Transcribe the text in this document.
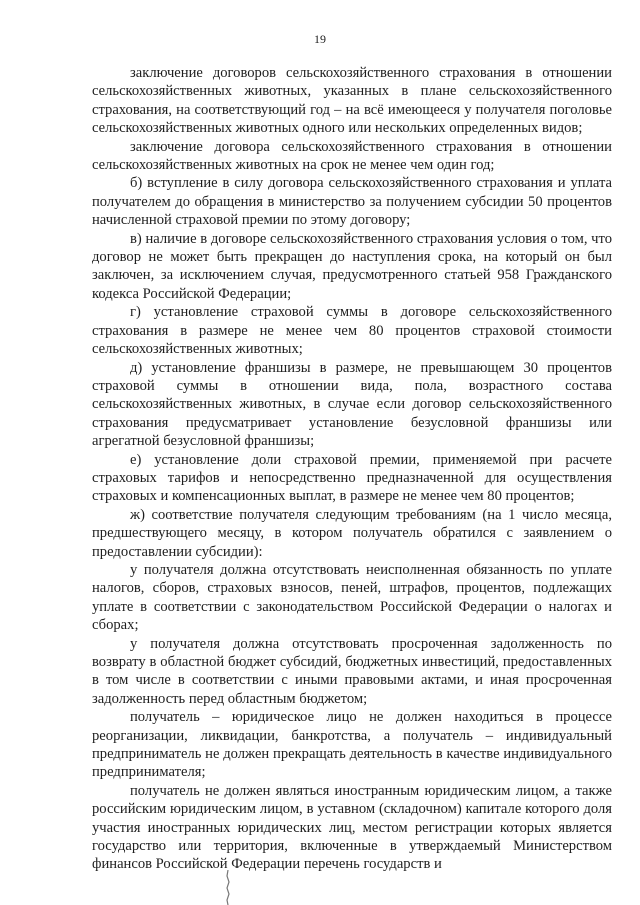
19

заключение договоров сельскохозяйственного страхования в отношении сельскохозяйственных животных, указанных в плане сельскохозяйственного страхования, на соответствующий год – на всё имеющееся у получателя поголовье сельскохозяйственных животных одного или нескольких определенных видов;

заключение договора сельскохозяйственного страхования в отношении сельскохозяйственных животных на срок не менее чем один год;

б) вступление в силу договора сельскохозяйственного страхования и уплата получателем до обращения в министерство за получением субсидии 50 процентов начисленной страховой премии по этому договору;

в) наличие в договоре сельскохозяйственного страхования условия о том, что договор не может быть прекращен до наступления срока, на который он был заключен, за исключением случая, предусмотренного статьей 958 Гражданского кодекса Российской Федерации;

г) установление страховой суммы в договоре сельскохозяйственного страхования в размере не менее чем 80 процентов страховой стоимости сельскохозяйственных животных;

д) установление франшизы в размере, не превышающем 30 процентов страховой суммы в отношении вида, пола, возрастного состава сельскохозяйственных животных, в случае если договор сельскохозяйственного страхования предусматривает установление безусловной франшизы или агрегатной безусловной франшизы;

е) установление доли страховой премии, применяемой при расчете страховых тарифов и непосредственно предназначенной для осуществления страховых и компенсационных выплат, в размере не менее чем 80 процентов;

ж) соответствие получателя следующим требованиям (на 1 число месяца, предшествующего месяцу, в котором получатель обратился с заявлением о предоставлении субсидии):

у получателя должна отсутствовать неисполненная обязанность по уплате налогов, сборов, страховых взносов, пеней, штрафов, процентов, подлежащих уплате в соответствии с законодательством Российской Федерации о налогах и сборах;

у получателя должна отсутствовать просроченная задолженность по возврату в областной бюджет субсидий, бюджетных инвестиций, предоставленных в том числе в соответствии с иными правовыми актами, и иная просроченная задолженность перед областным бюджетом;

получатель – юридическое лицо не должен находиться в процессе реорганизации, ликвидации, банкротства, а получатель – индивидуальный предприниматель не должен прекращать деятельность в качестве индивидуального предпринимателя;

получатель не должен являться иностранным юридическим лицом, а также российским юридическим лицом, в уставном (складочном) капитале которого доля участия иностранных юридических лиц, местом регистрации которых является государство или территория, включенные в утверждаемый Министерством финансов Российской Федерации перечень государств и
